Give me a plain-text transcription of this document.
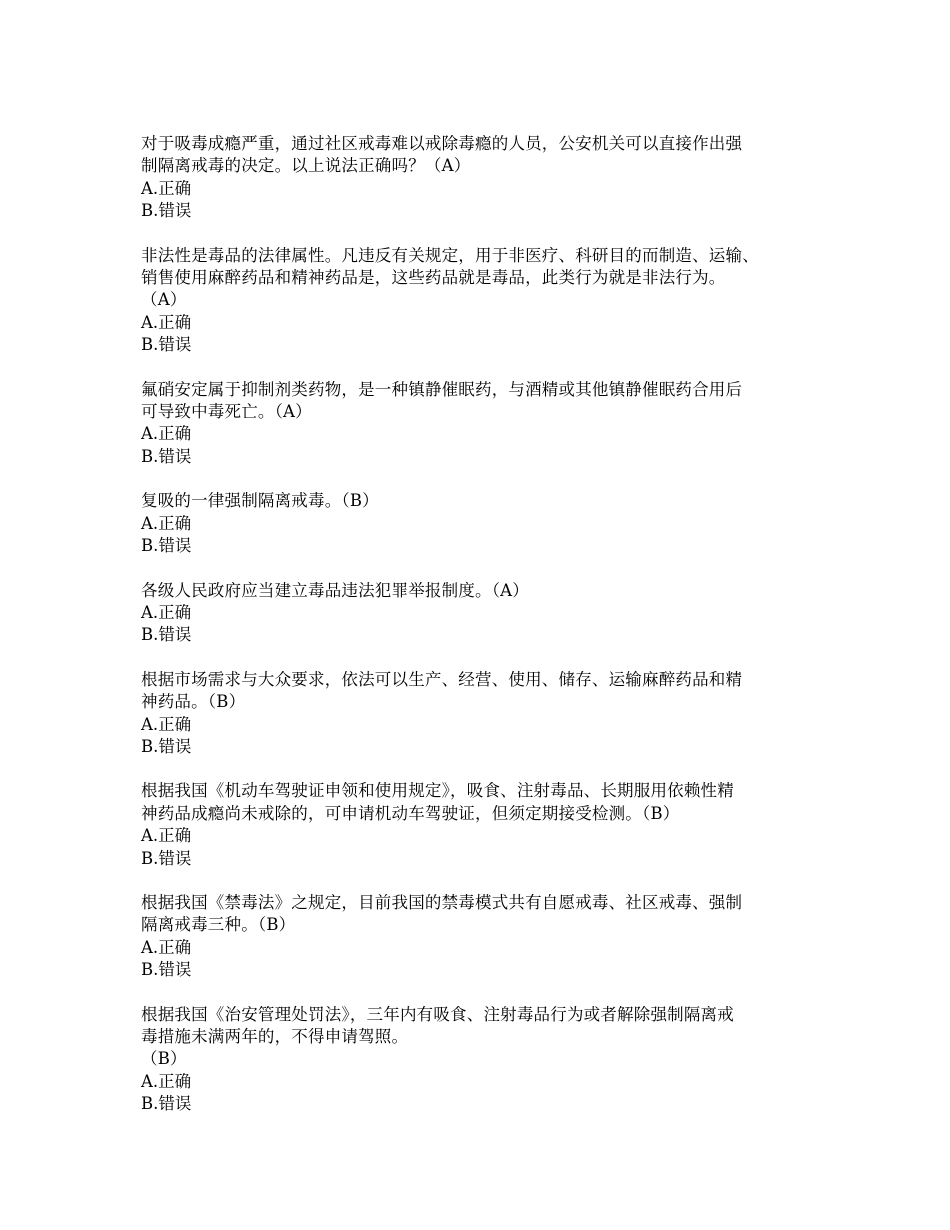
对于吸毒成瘾严重，通过社区戒毒难以戒除毒瘾的人员，公安机关可以直接作出强
制隔离戒毒的决定。以上说法正确吗？（A）
A.正确
B.错误
非法性是毒品的法律属性。凡违反有关规定，用于非医疗、科研目的而制造、运输、
销售使用麻醉药品和精神药品是，这些药品就是毒品，此类行为就是非法行为。
（A）
A.正确
B.错误
氟硝安定属于抑制剂类药物，是一种镇静催眠药，与酒精或其他镇静催眠药合用后
可导致中毒死亡。（A）
A.正确
B.错误
复吸的一律强制隔离戒毒。（B）
A.正确
B.错误
各级人民政府应当建立毒品违法犯罪举报制度。（A）
A.正确
B.错误
根据市场需求与大众要求，依法可以生产、经营、使用、储存、运输麻醉药品和精
神药品。（B）
A.正确
B.错误
根据我国《机动车驾驶证申领和使用规定》，吸食、注射毒品、长期服用依赖性精
神药品成瘾尚未戒除的，可申请机动车驾驶证，但须定期接受检测。（B）
A.正确
B.错误
根据我国《禁毒法》之规定，目前我国的禁毒模式共有自愿戒毒、社区戒毒、强制
隔离戒毒三种。（B）
A.正确
B.错误
根据我国《治安管理处罚法》，三年内有吸食、注射毒品行为或者解除强制隔离戒
毒措施未满两年的，不得申请驾照。
（B）
A.正确
B.错误
